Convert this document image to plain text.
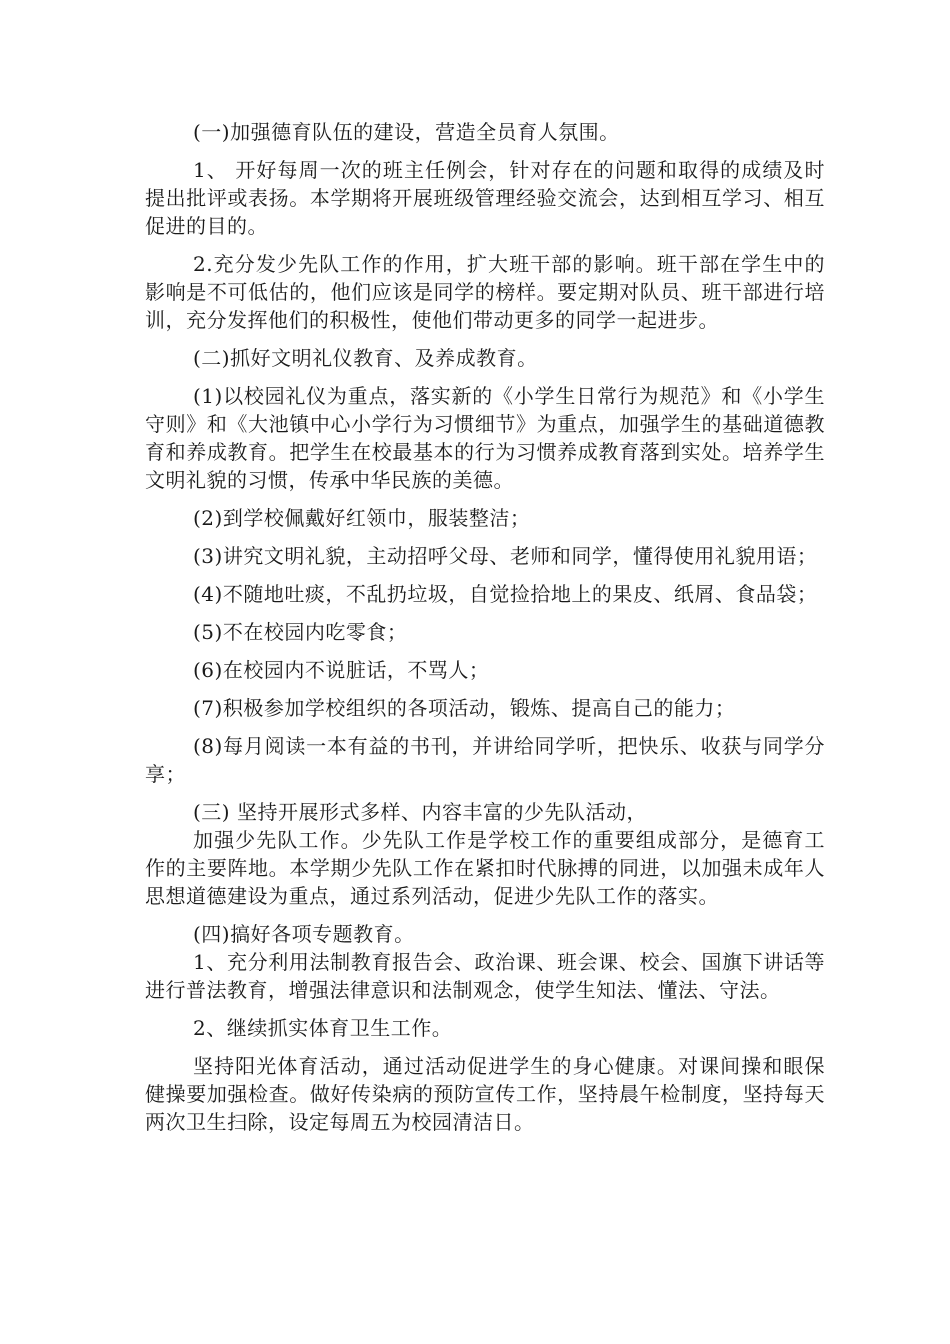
(一)加强德育队伍的建设，营造全员育人氛围。

1、 开好每周一次的班主任例会，针对存在的问题和取得的成绩及时提出批评或表扬。本学期将开展班级管理经验交流会，达到相互学习、相互促进的目的。

2.充分发少先队工作的作用，扩大班干部的影响。班干部在学生中的影响是不可低估的，他们应该是同学的榜样。要定期对队员、班干部进行培训，充分发挥他们的积极性，使他们带动更多的同学一起进步。

(二)抓好文明礼仪教育、及养成教育。

(1)以校园礼仪为重点，落实新的《小学生日常行为规范》和《小学生守则》和《大池镇中心小学行为习惯细节》为重点，加强学生的基础道德教育和养成教育。把学生在校最基本的行为习惯养成教育落到实处。培养学生文明礼貌的习惯，传承中华民族的美德。

(2)到学校佩戴好红领巾，服装整洁；

(3)讲究文明礼貌，主动招呼父母、老师和同学，懂得使用礼貌用语；

(4)不随地吐痰，不乱扔垃圾，自觉捡拾地上的果皮、纸屑、食品袋；

(5)不在校园内吃零食；

(6)在校园内不说脏话，不骂人；

(7)积极参加学校组织的各项活动，锻炼、提高自己的能力；

(8)每月阅读一本有益的书刊，并讲给同学听，把快乐、收获与同学分享；

(三) 坚持开展形式多样、内容丰富的少先队活动，

加强少先队工作。少先队工作是学校工作的重要组成部分，是德育工作的主要阵地。本学期少先队工作在紧扣时代脉搏的同进，以加强未成年人思想道德建设为重点，通过系列活动，促进少先队工作的落实。

(四)搞好各项专题教育。

1、充分利用法制教育报告会、政治课、班会课、校会、国旗下讲话等进行普法教育，增强法律意识和法制观念，使学生知法、懂法、守法。

2、继续抓实体育卫生工作。

坚持阳光体育活动，通过活动促进学生的身心健康。对课间操和眼保健操要加强检查。做好传染病的预防宣传工作，坚持晨午检制度，坚持每天两次卫生扫除，设定每周五为校园清洁日。
